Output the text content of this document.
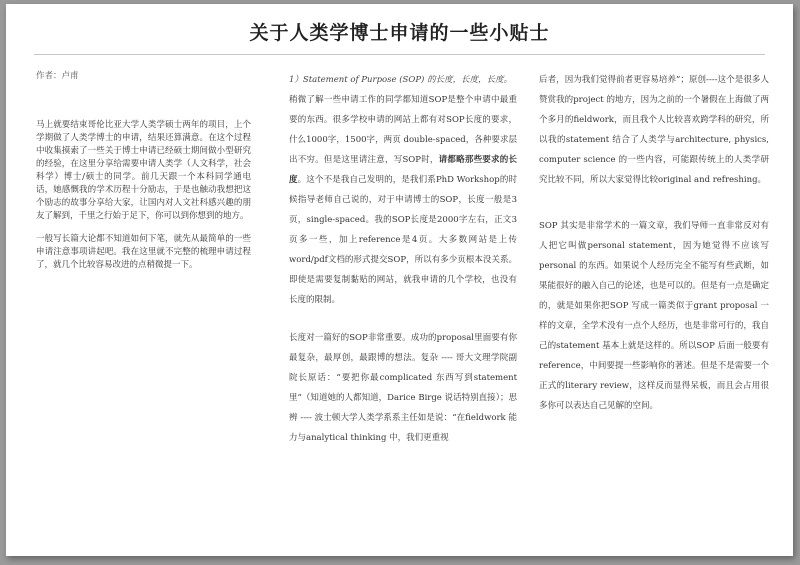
关于人类学博士申请的一些小贴士

作者：卢甫

马上就要结束哥伦比亚大学人类学硕士两年的项目，上个学期做了人类学博士的申请，结果还算满意。在这个过程中收集摸索了一些关于博士申请已经硕士期间做小型研究的经验，在这里分享给需要申请人类学（人文科学，社会科学）博士/硕士的同学。前几天跟一个本科同学通电话，她感慨我的学术历程十分励志，于是也触动我想把这个励志的故事分享给大家，让国内对人文社科感兴趣的朋友了解到，千里之行始于足下，你可以到你想到的地方。

一般写长篇大论都不知道如何下笔，就先从最简单的一些申请注意事项讲起吧。我在这里就不完整的梳理申请过程了，就几个比较容易改进的点稍微提一下。

1）Statement of Purpose (SOP) 的长度，长度，长度。

稍微了解一些申请工作的同学都知道SOP是整个申请中最重要的东西。很多学校申请的网站上都有对SOP长度的要求，什么1000字，1500字，两页 double-spaced，各种要求层出不穷。但是这里请注意，写SOP时，请都略那些要求的长度。这个不是我自己发明的，是我们系PhD Workshop的时候指导老师自己说的，对于申请博士的SOP，长度一般是3页，single-spaced。我的SOP长度是2000字左右，正文3页多一些，加上reference是4页。大多数网站是上传word/pdf文档的形式提交SOP，所以有多少页根本没关系。即使是需要复制黏贴的网站，就我申请的几个学校，也没有长度的限制。

长度对一篇好的SOP非常重要。成功的proposal里面要有你最复杂，最厚创，最跟博的想法。复杂 ---- 哥大文理学院副院长原话：“要把你最complicated 东西写到statement 里”（知道她的人都知道，Darice Birge 说话特别直接）；思辨 ---- 波士顿大学人类学系系主任如是说：“在fieldwork 能力与analytical thinking 中，我们更重视

后者，因为我们觉得前者更容易培养”；原创----这个是很多人赞赏我的project 的地方，因为之前的一个暑假在上海做了两个多月的fieldwork，而且我个人比较喜欢跨学科的研究，所以我的statement 结合了人类学与architecture, physics, computer science 的一些内容，可能跟传统上的人类学研究比较不同，所以大家觉得比较original and refreshing。

SOP 其实是非常学术的一篇文章，我们导师一直非常反对有人把它叫做personal statement，因为她觉得不应该写personal 的东西。如果说个人经历完全不能写有些武断，如果能很好的融入自己的论述，也是可以的。但是有一点是确定的，就是如果你把SOP 写成一篇类似于grant proposal 一样的文章，全学术没有一点个人经历，也是非常可行的，我自己的statement 基本上就是这样的。所以SOP 后面一般要有reference，中间要提一些影响你的著述。但是不是需要一个正式的literary review，这样反而显得呆板，而且会占用很多你可以表达自己见解的空间。
